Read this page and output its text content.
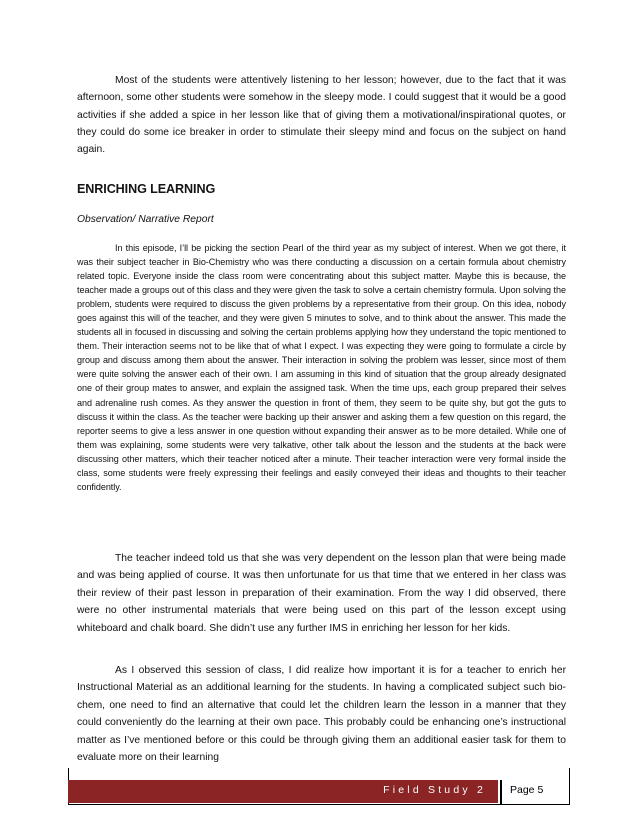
Most of the students were attentively listening to her lesson; however, due to the fact that it was afternoon, some other students were somehow in the sleepy mode. I could suggest that it would be a good activities if she added a spice in her lesson like that of giving them a motivational/inspirational quotes, or they could do some ice breaker in order to stimulate their sleepy mind and focus on the subject on hand again.

ENRICHING LEARNING
Observation/ Narrative Report

In this episode, I’ll be picking the section Pearl of the third year as my subject of interest. When we got there, it was their subject teacher in Bio-Chemistry who was there conducting a discussion on a certain formula about chemistry related topic. Everyone inside the class room were concentrating about this subject matter. Maybe this is because, the teacher made a groups out of this class and they were given the task to solve a certain chemistry formula. Upon solving the problem, students were required to discuss the given problems by a representative from their group. On this idea, nobody goes against this will of the teacher, and they were given 5 minutes to solve, and to think about the answer. This made the students all in focused in discussing and solving the certain problems applying how they understand the topic mentioned to them. Their interaction seems not to be like that of what I expect. I was expecting they were going to formulate a circle by group and discuss among them about the answer. Their interaction in solving the problem was lesser, since most of them were quite solving the answer each of their own. I am assuming in this kind of situation that the group already designated one of their group mates to answer, and explain the assigned task. When the time ups, each group prepared their selves and adrenaline rush comes. As they answer the question in front of them, they seem to be quite shy, but got the guts to discuss it within the class. As the teacher were backing up their answer and asking them a few question on this regard, the reporter seems to give a less answer in one question without expanding their answer as to be more detailed. While one of them was explaining, some students were very talkative, other talk about the lesson and the students at the back were discussing other matters, which their teacher noticed after a minute. Their teacher interaction were very formal inside the class, some students were freely expressing their feelings and easily conveyed their ideas and thoughts to their teacher confidently.

The teacher indeed told us that she was very dependent on the lesson plan that were being made and was being applied of course. It was then unfortunate for us that time that we entered in her class was their review of their past lesson in preparation of their examination. From the way I did observed, there were no other instrumental materials that were being used on this part of the lesson except using whiteboard and chalk board. She didn’t use any further IMS in enriching her lesson for her kids.

As I observed this session of class, I did realize how important it is for a teacher to enrich her Instructional Material as an additional learning for the students. In having a complicated subject such bio-chem, one need to find an alternative that could let the children learn the lesson in a manner that they could conveniently do the learning at their own pace. This probably could be enhancing one’s instructional matter as I’ve mentioned before or this could be through giving them an additional easier task for them to evaluate more on their learning

Field Study 2 Page 5
